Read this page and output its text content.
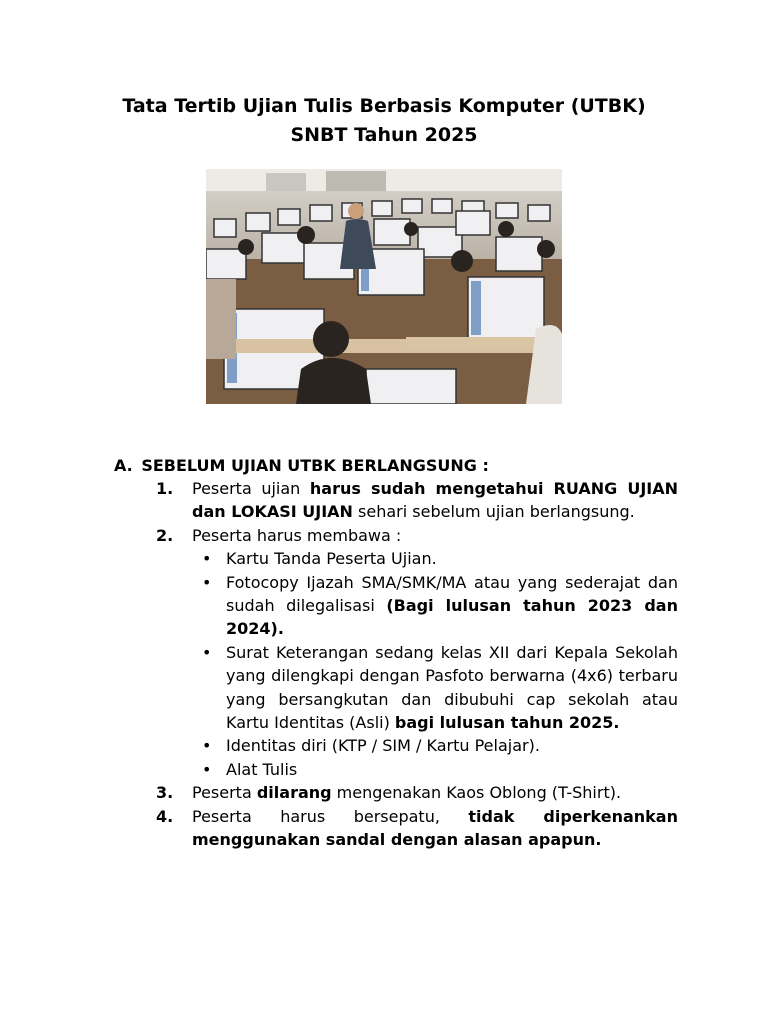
Tata Tertib Ujian Tulis Berbasis Komputer (UTBK)
SNBT Tahun 2025
A. SEBELUM UJIAN UTBK BERLANGSUNG :
1. Peserta ujian harus sudah mengetahui RUANG UJIAN dan LOKASI UJIAN sehari sebelum ujian berlangsung.
2. Peserta harus membawa :
• Kartu Tanda Peserta Ujian.
• Fotocopy Ijazah SMA/SMK/MA atau yang sederajat dan sudah dilegalisasi (Bagi lulusan tahun 2023 dan 2024).
• Surat Keterangan sedang kelas XII dari Kepala Sekolah yang dilengkapi dengan Pasfoto berwarna (4x6) terbaru yang bersangkutan dan dibubuhi cap sekolah atau Kartu Identitas (Asli) bagi lulusan tahun 2025.
• Identitas diri (KTP / SIM / Kartu Pelajar).
• Alat Tulis
3. Peserta dilarang mengenakan Kaos Oblong (T-Shirt).
4. Peserta harus bersepatu, tidak diperkenankan menggunakan sandal dengan alasan apapun.
